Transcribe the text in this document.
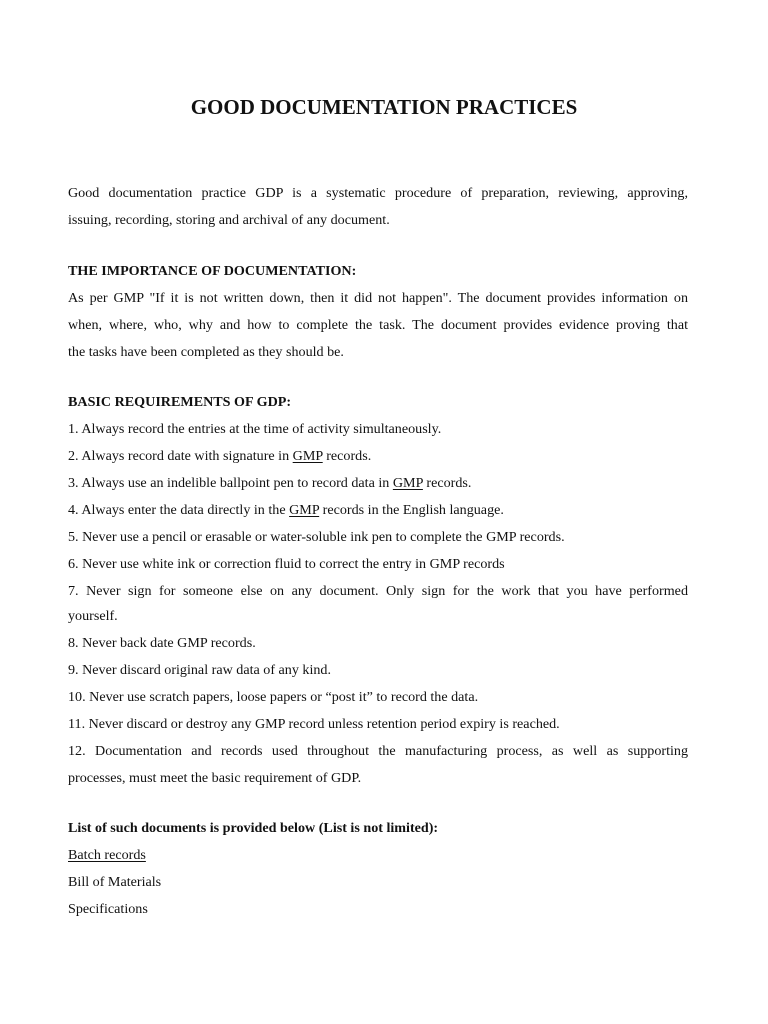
GOOD DOCUMENTATION PRACTICES
Good documentation practice GDP is a systematic procedure of preparation, reviewing, approving,
issuing, recording, storing and archival of any document.
THE IMPORTANCE OF DOCUMENTATION:
As per GMP "If it is not written down, then it did not happen". The document provides information on
when, where, who, why and how to complete the task. The document provides evidence proving that
the tasks have been completed as they should be.
BASIC REQUIREMENTS OF GDP:
1. Always record the entries at the time of activity simultaneously.
2. Always record date with signature in GMP records.
3. Always use an indelible ballpoint pen to record data in GMP records.
4. Always enter the data directly in the GMP records in the English language.
5. Never use a pencil or erasable or water-soluble ink pen to complete the GMP records.
6. Never use white ink or correction fluid to correct the entry in GMP records
7. Never sign for someone else on any document. Only sign for the work that you have performed
yourself.
8. Never back date GMP records.
9. Never discard original raw data of any kind.
10. Never use scratch papers, loose papers or “post it” to record the data.
11. Never discard or destroy any GMP record unless retention period expiry is reached.
12. Documentation and records used throughout the manufacturing process, as well as supporting
processes, must meet the basic requirement of GDP.
List of such documents is provided below (List is not limited):
Batch records
Bill of Materials
Specifications
